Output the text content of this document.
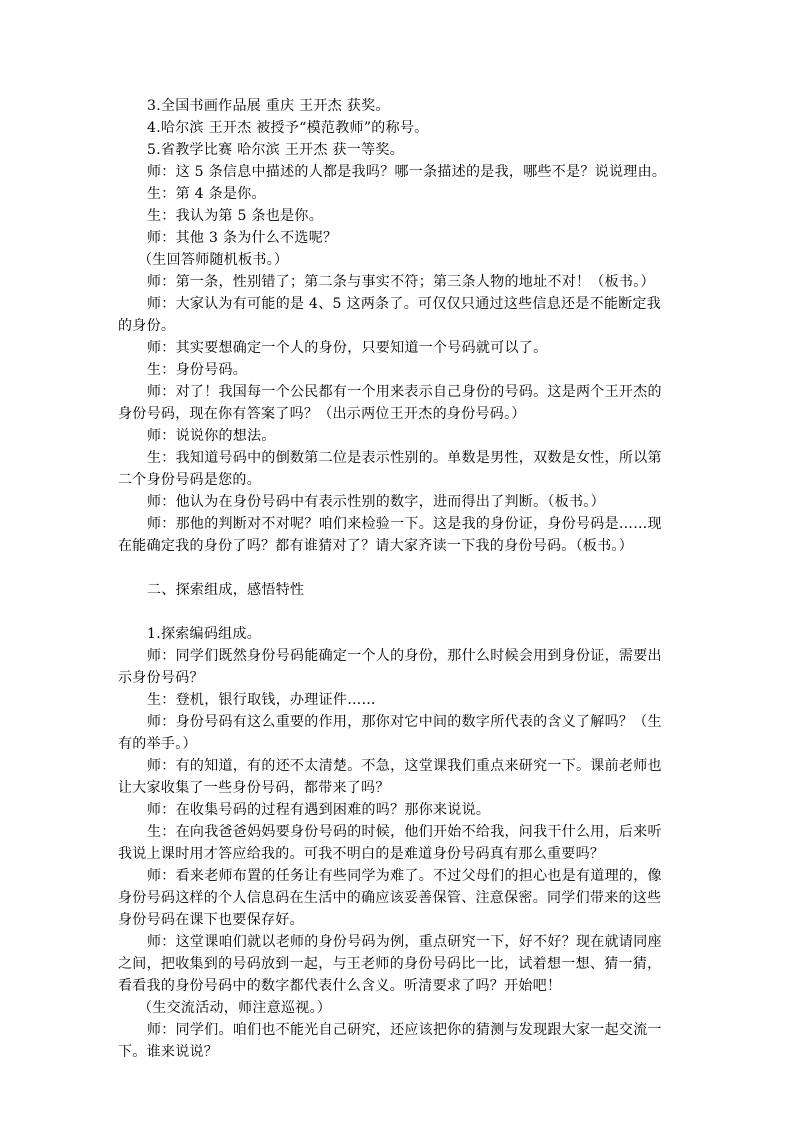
3.全国书画作品展 重庆 王开杰 获奖。
4.哈尔滨 王开杰 被授予“模范教师”的称号。
5.省教学比赛 哈尔滨 王开杰 获一等奖。
师：这 5 条信息中描述的人都是我吗？哪一条描述的是我，哪些不是？说说理由。
生：第 4 条是你。
生：我认为第 5 条也是你。
师：其他 3 条为什么不选呢？
（生回答师随机板书。）
师：第一条，性别错了；第二条与事实不符；第三条人物的地址不对！（板书。）
师：大家认为有可能的是 4、5 这两条了。可仅仅只通过这些信息还是不能断定我
的身份。
师：其实要想确定一个人的身份，只要知道一个号码就可以了。
生：身份号码。
师：对了！我国每一个公民都有一个用来表示自己身份的号码。这是两个王开杰的
身份号码，现在你有答案了吗？（出示两位王开杰的身份号码。）
师：说说你的想法。
生：我知道号码中的倒数第二位是表示性别的。单数是男性，双数是女性，所以第
二个身份号码是您的。
师：他认为在身份号码中有表示性别的数字，进而得出了判断。（板书。）
师：那他的判断对不对呢？咱们来检验一下。这是我的身份证，身份号码是……现
在能确定我的身份了吗？都有谁猜对了？请大家齐读一下我的身份号码。（板书。）
二、探索组成，感悟特性
1.探索编码组成。
师：同学们既然身份号码能确定一个人的身份，那什么时候会用到身份证，需要出
示身份号码？
生：登机，银行取钱，办理证件……
师：身份号码有这么重要的作用，那你对它中间的数字所代表的含义了解吗？（生
有的举手。）
师：有的知道，有的还不太清楚。不急，这堂课我们重点来研究一下。课前老师也
让大家收集了一些身份号码，都带来了吗？
师：在收集号码的过程有遇到困难的吗？那你来说说。
生：在向我爸爸妈妈要身份号码的时候，他们开始不给我，问我干什么用，后来听
我说上课时用才答应给我的。可我不明白的是难道身份号码真有那么重要吗？
师：看来老师布置的任务让有些同学为难了。不过父母们的担心也是有道理的，像
身份号码这样的个人信息码在生活中的确应该妥善保管、注意保密。同学们带来的这些
身份号码在课下也要保存好。
师：这堂课咱们就以老师的身份号码为例，重点研究一下，好不好？现在就请同座
之间，把收集到的号码放到一起，与王老师的身份号码比一比，试着想一想、猜一猜，
看看我的身份号码中的数字都代表什么含义。听清要求了吗？开始吧！
（生交流活动，师注意巡视。）
师：同学们。咱们也不能光自己研究，还应该把你的猜测与发现跟大家一起交流一
下。谁来说说？
